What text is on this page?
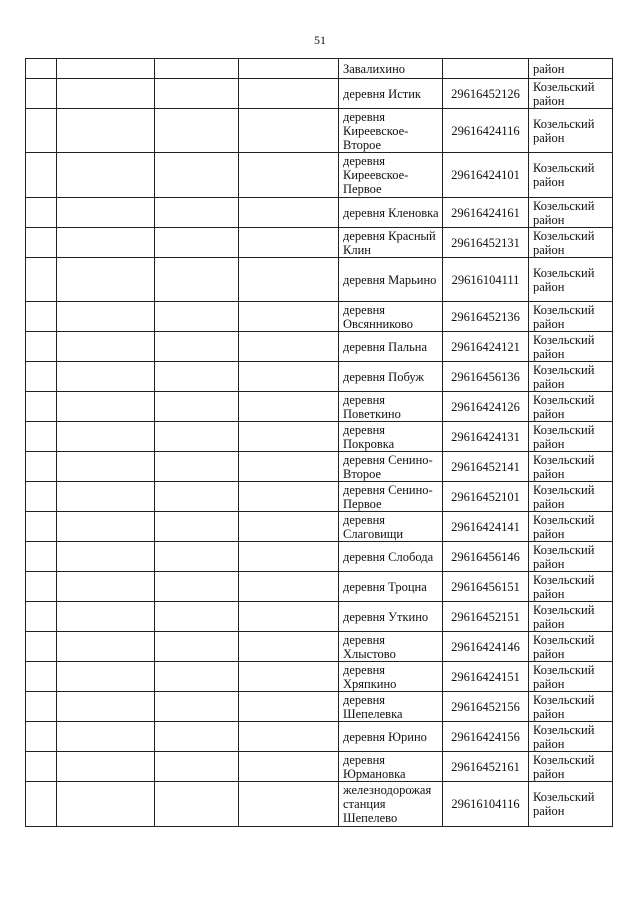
51
				Завалихино		район
				деревня Истик	29616452126	Козельский район
				деревня Киреевское-Второе	29616424116	Козельский район
				деревня Киреевское-Первое	29616424101	Козельский район
				деревня Кленовка	29616424161	Козельский район
				деревня Красный Клин	29616452131	Козельский район
				деревня Марьино	29616104111	Козельский район
				деревня Овсянниково	29616452136	Козельский район
				деревня Пальна	29616424121	Козельский район
				деревня Побуж	29616456136	Козельский район
				деревня Поветкино	29616424126	Козельский район
				деревня Покровка	29616424131	Козельский район
				деревня Сенино-Второе	29616452141	Козельский район
				деревня Сенино-Первое	29616452101	Козельский район
				деревня Слаговищи	29616424141	Козельский район
				деревня Слобода	29616456146	Козельский район
				деревня Троцна	29616456151	Козельский район
				деревня Уткино	29616452151	Козельский район
				деревня Хлыстово	29616424146	Козельский район
				деревня Хряпкино	29616424151	Козельский район
				деревня Шепелевка	29616452156	Козельский район
				деревня Юрино	29616424156	Козельский район
				деревня Юрмановка	29616452161	Козельский район
				железнодорожая станция Шепелево	29616104116	Козельский район
